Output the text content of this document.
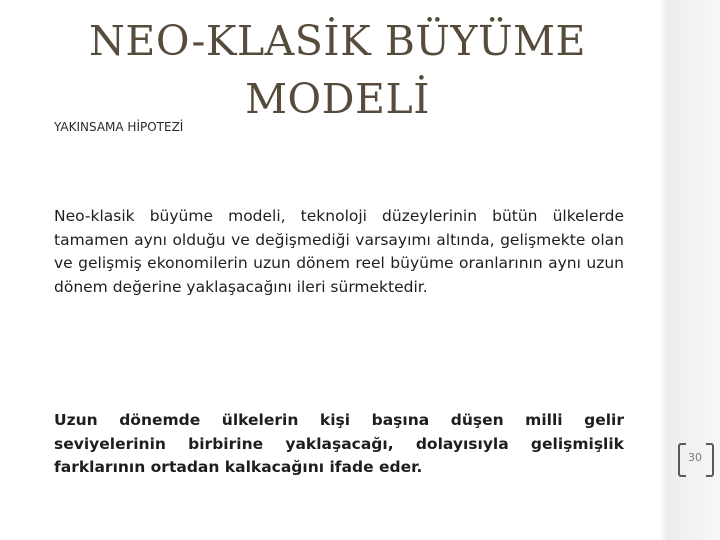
NEO-KLASİK BÜYÜME MODELİ
YAKINSAMA HİPOTEZİ

Neo-klasik büyüme modeli, teknoloji düzeylerinin bütün ülkelerde tamamen aynı olduğu ve değişmediği varsayımı altında, gelişmekte olan ve gelişmiş ekonomilerin uzun dönem reel büyüme oranlarının aynı uzun dönem değerine yaklaşacağını ileri sürmektedir.

Uzun dönemde ülkelerin kişi başına düşen milli gelir seviyelerinin birbirine yaklaşacağı, dolayısıyla gelişmişlik farklarının ortadan kalkacağını ifade eder.

30
